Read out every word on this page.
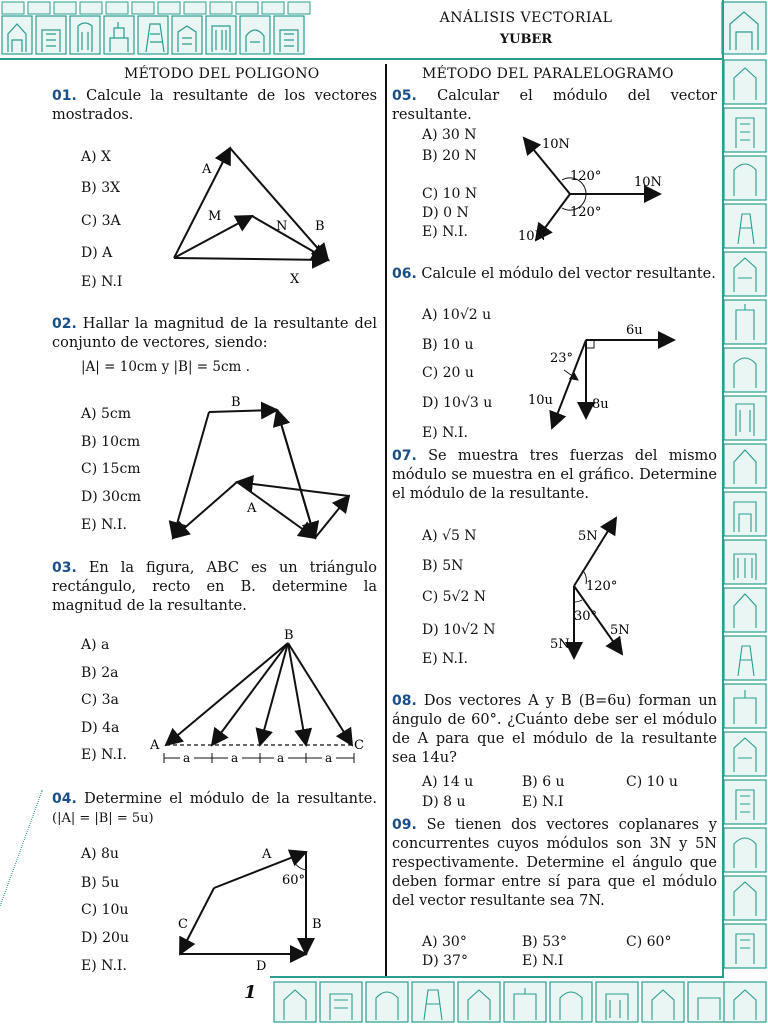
ANÁLISIS VECTORIAL
YUBER
MÉTODO DEL POLIGONO	MÉTODO DEL PARALELOGRAMO
01. Calcule la resultante de los vectores mostrados.
A) X
B) 3X
C) 3A
D) A
E) N.I
A
M
N B
X
02. Hallar la magnitud de la resultante del conjunto de vectores, siendo:
|A| = 10cm y |B| = 5cm .
A) 5cm
B) 10cm
C) 15cm
D) 30cm
E) N.I.
B
A
03. En la figura, ABC es un triángulo rectángulo, recto en B. determine la magnitud de la resultante.
A) a
B) 2a
C) 3a
D) 4a
E) N.I.
A
B
C
a	a	a	a
04. Determine el módulo de la resultante. (|A| = |B| = 5u)
A) 8u
B) 5u
C) 10u
D) 20u
E) N.I.
A
60°
B
C
D
05. Calcular el módulo del vector resultante.
A) 30 N
B) 20 N
C) 10 N
D) 0 N
E) N.I.
10N
10N
10N
120°
120°
06. Calcule el módulo del vector resultante.
A) 10√2 u
B) 10 u
C) 20 u
D) 10√3 u
E) N.I.
6u
10u	8u
23°
07. Se muestra tres fuerzas del mismo módulo se muestra en el gráfico. Determine el módulo de la resultante.
A) √5 N
B) 5N
C) 5√2 N
D) 10√2 N
E) N.I.
5N
5N
5N
120°
30°
08. Dos vectores A y B (B=6u) forman un ángulo de 60°. ¿Cuánto debe ser el módulo de A para que el módulo de la resultante sea 14u?
A) 14 u	B) 6 u	C) 10 u
D) 8 u	E) N.I
09. Se tienen dos vectores coplanares y concurrentes cuyos módulos son 3N y 5N respectivamente. Determine el ángulo que deben formar entre sí para que el módulo del vector resultante sea 7N.
A) 30°	B) 53°	C) 60°
D) 37°	E) N.I
1
